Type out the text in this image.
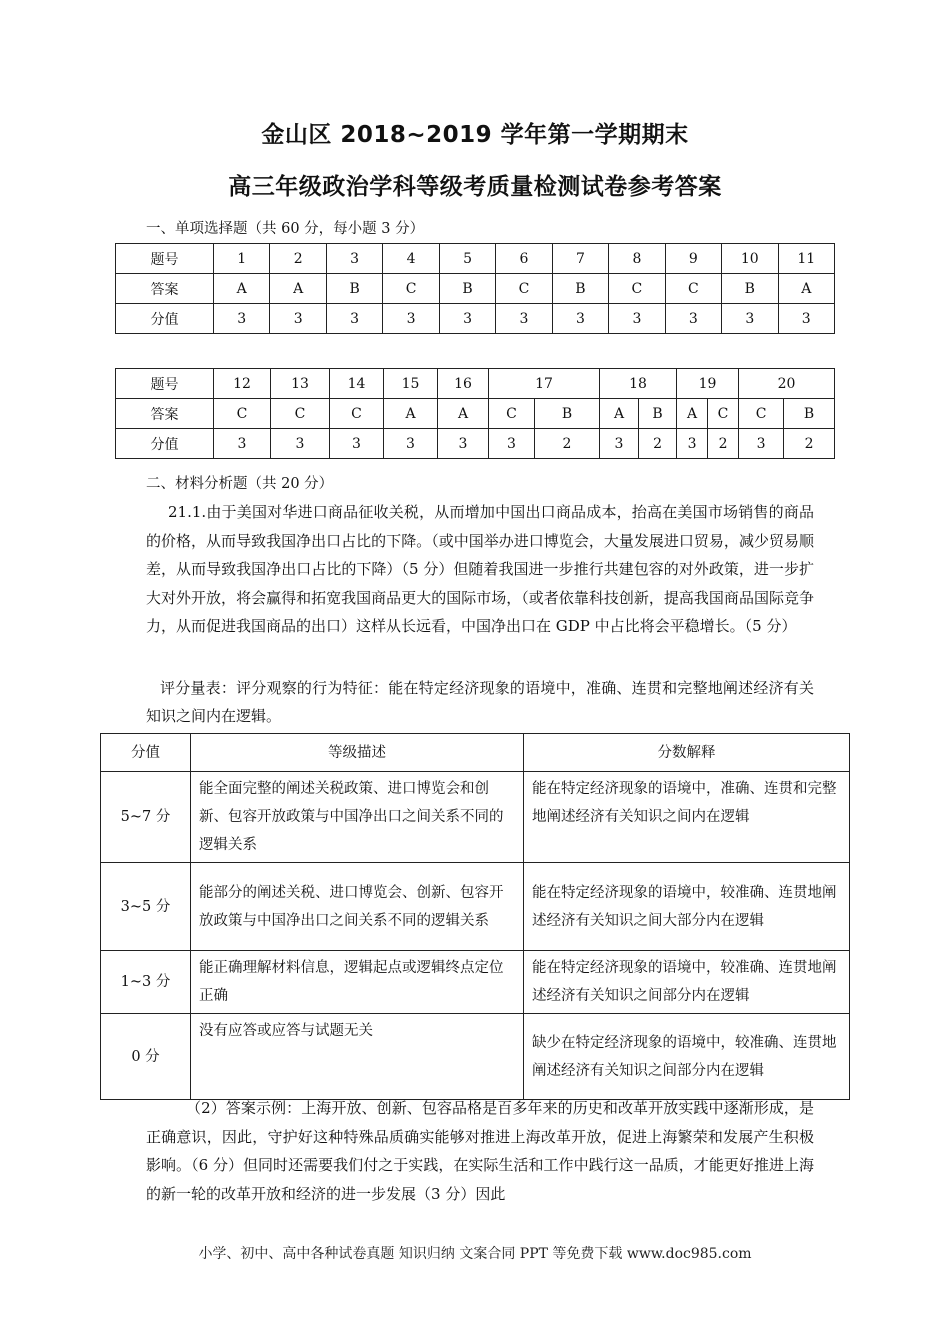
金山区 2018~2019 学年第一学期期末
高三年级政治学科等级考质量检测试卷参考答案
一、单项选择题（共 60 分，每小题 3 分）
题号	1	2	3	4	5	6	7	8	9	10	11
答案	A	A	B	C	B	C	B	C	C	B	A
分值	3	3	3	3	3	3	3	3	3	3	3
题号	12	13	14	15	16	17		18		19		20	
答案	C	C	C	A	A	C	B	A	B	A	C	C	B
分值	3	3	3	3	3	3	2	3	2	3	2	3	2
二、材料分析题（共 20 分）
21.1.由于美国对华进口商品征收关税，从而增加中国出口商品成本，抬高在美国市场销售的商品的价格，从而导致我国净出口占比的下降。（或中国举办进口博览会，大量发展进口贸易，减少贸易顺差，从而导致我国净出口占比的下降）（5 分）但随着我国进一步推行共建包容的对外政策，进一步扩大对外开放，将会赢得和拓宽我国商品更大的国际市场，（或者依靠科技创新，提高我国商品国际竞争力，从而促进我国商品的出口）这样从长远看，中国净出口在 GDP 中占比将会平稳增长。（5 分）
评分量表：评分观察的行为特征：能在特定经济现象的语境中，准确、连贯和完整地阐述经济有关知识之间内在逻辑。
分值	等级描述	分数解释
5~7 分	能全面完整的阐述关税政策、进口博览会和创新、包容开放政策与中国净出口之间关系不同的逻辑关系	能在特定经济现象的语境中，准确、连贯和完整地阐述经济有关知识之间内在逻辑
3~5 分	能部分的阐述关税、进口博览会、创新、包容开放政策与中国净出口之间关系不同的逻辑关系	能在特定经济现象的语境中，较准确、连贯地阐述经济有关知识之间大部分内在逻辑
1~3 分	能正确理解材料信息，逻辑起点或逻辑终点定位正确	能在特定经济现象的语境中，较准确、连贯地阐述经济有关知识之间部分内在逻辑
0 分	没有应答或应答与试题无关	缺少在特定经济现象的语境中，较准确、连贯地阐述经济有关知识之间部分内在逻辑
（2）答案示例：上海开放、创新、包容品格是百多年来的历史和改革开放实践中逐渐形成，是正确意识，因此，守护好这种特殊品质确实能够对推进上海改革开放，促进上海繁荣和发展产生积极影响。（6 分）但同时还需要我们付之于实践，在实际生活和工作中践行这一品质，才能更好推进上海的新一轮的改革开放和经济的进一步发展（3 分）因此
小学、初中、高中各种试卷真题 知识归纳 文案合同 PPT 等免费下载 www.doc985.com
